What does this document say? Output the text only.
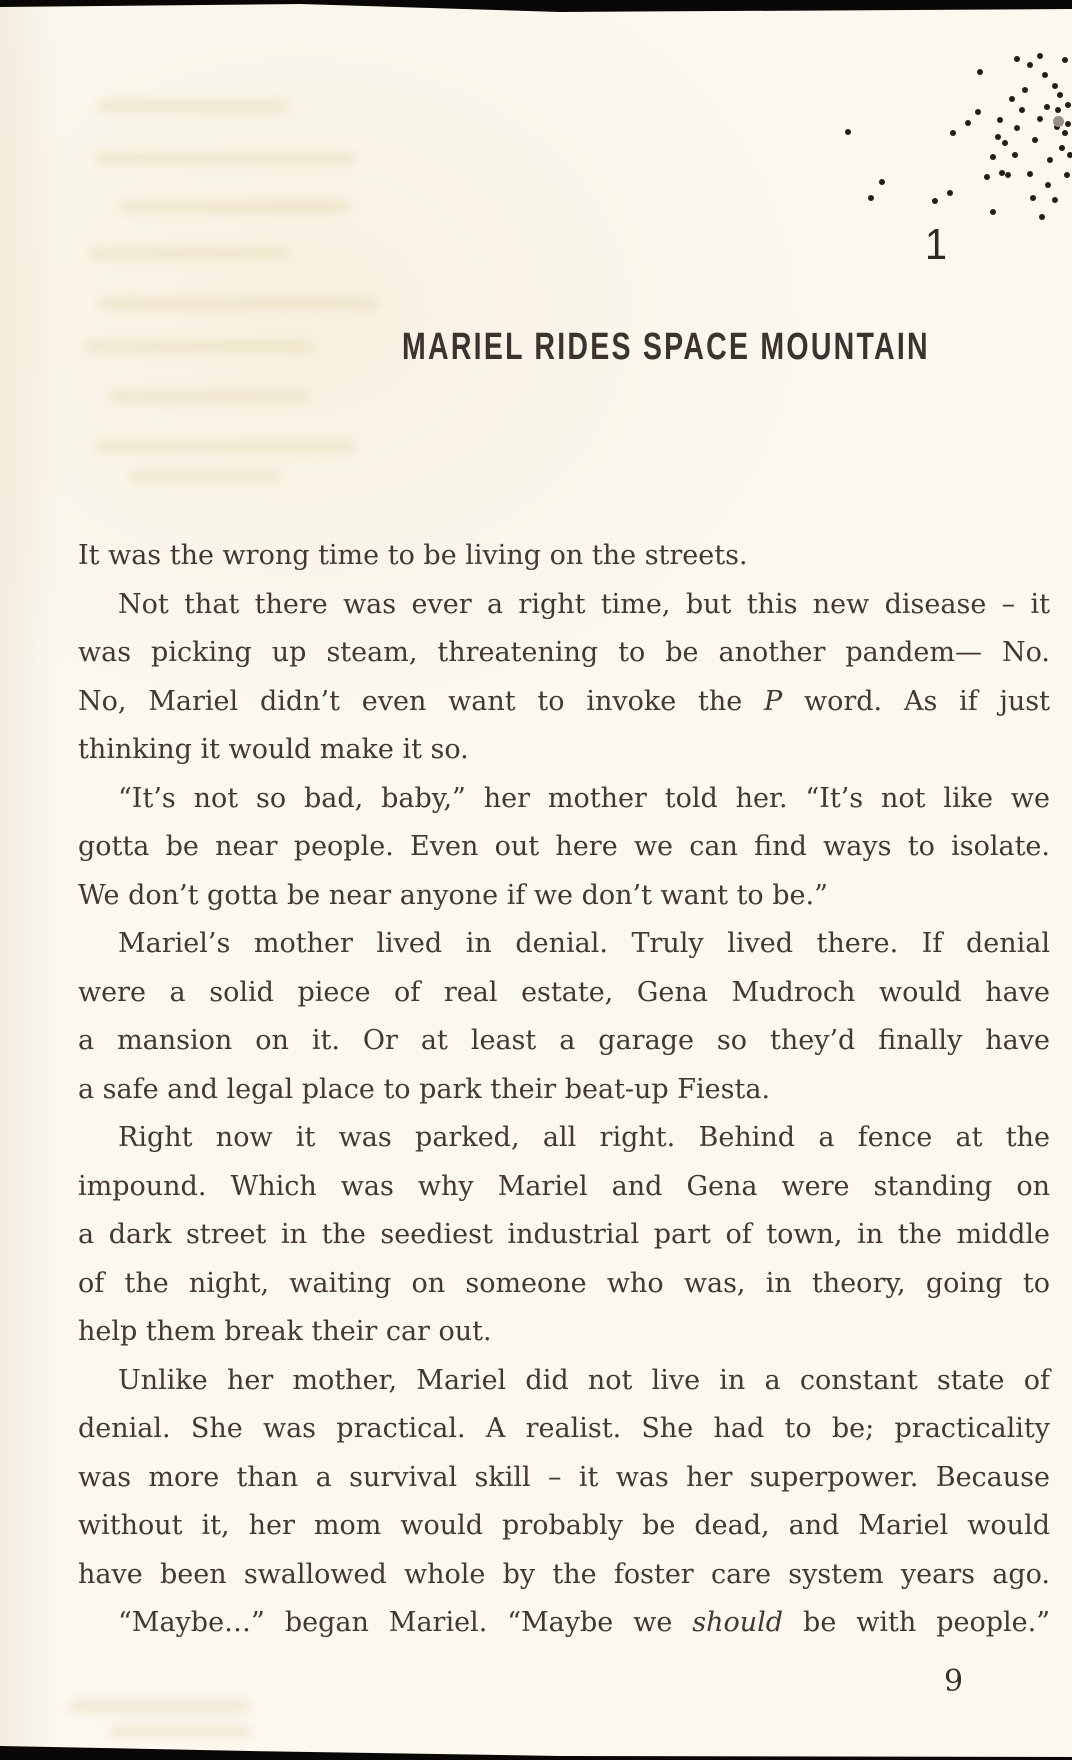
1
MARIEL RIDES SPACE MOUNTAIN
It was the wrong time to be living on the streets.
Not that there was ever a right time, but this new disease – it
was picking up steam, threatening to be another pandem— No.
No, Mariel didn’t even want to invoke the P word. As if just
thinking it would make it so.
“It’s not so bad, baby,” her mother told her. “It’s not like we
gotta be near people. Even out here we can find ways to isolate.
We don’t gotta be near anyone if we don’t want to be.”
Mariel’s mother lived in denial. Truly lived there. If denial
were a solid piece of real estate, Gena Mudroch would have
a mansion on it. Or at least a garage so they’d finally have
a safe and legal place to park their beat-up Fiesta.
Right now it was parked, all right. Behind a fence at the
impound. Which was why Mariel and Gena were standing on
a dark street in the seediest industrial part of town, in the middle
of the night, waiting on someone who was, in theory, going to
help them break their car out.
Unlike her mother, Mariel did not live in a constant state of
denial. She was practical. A realist. She had to be; practicality
was more than a survival skill – it was her superpower. Because
without it, her mom would probably be dead, and Mariel would
have been swallowed whole by the foster care system years ago.
“Maybe…” began Mariel. “Maybe we should be with people.”
9
